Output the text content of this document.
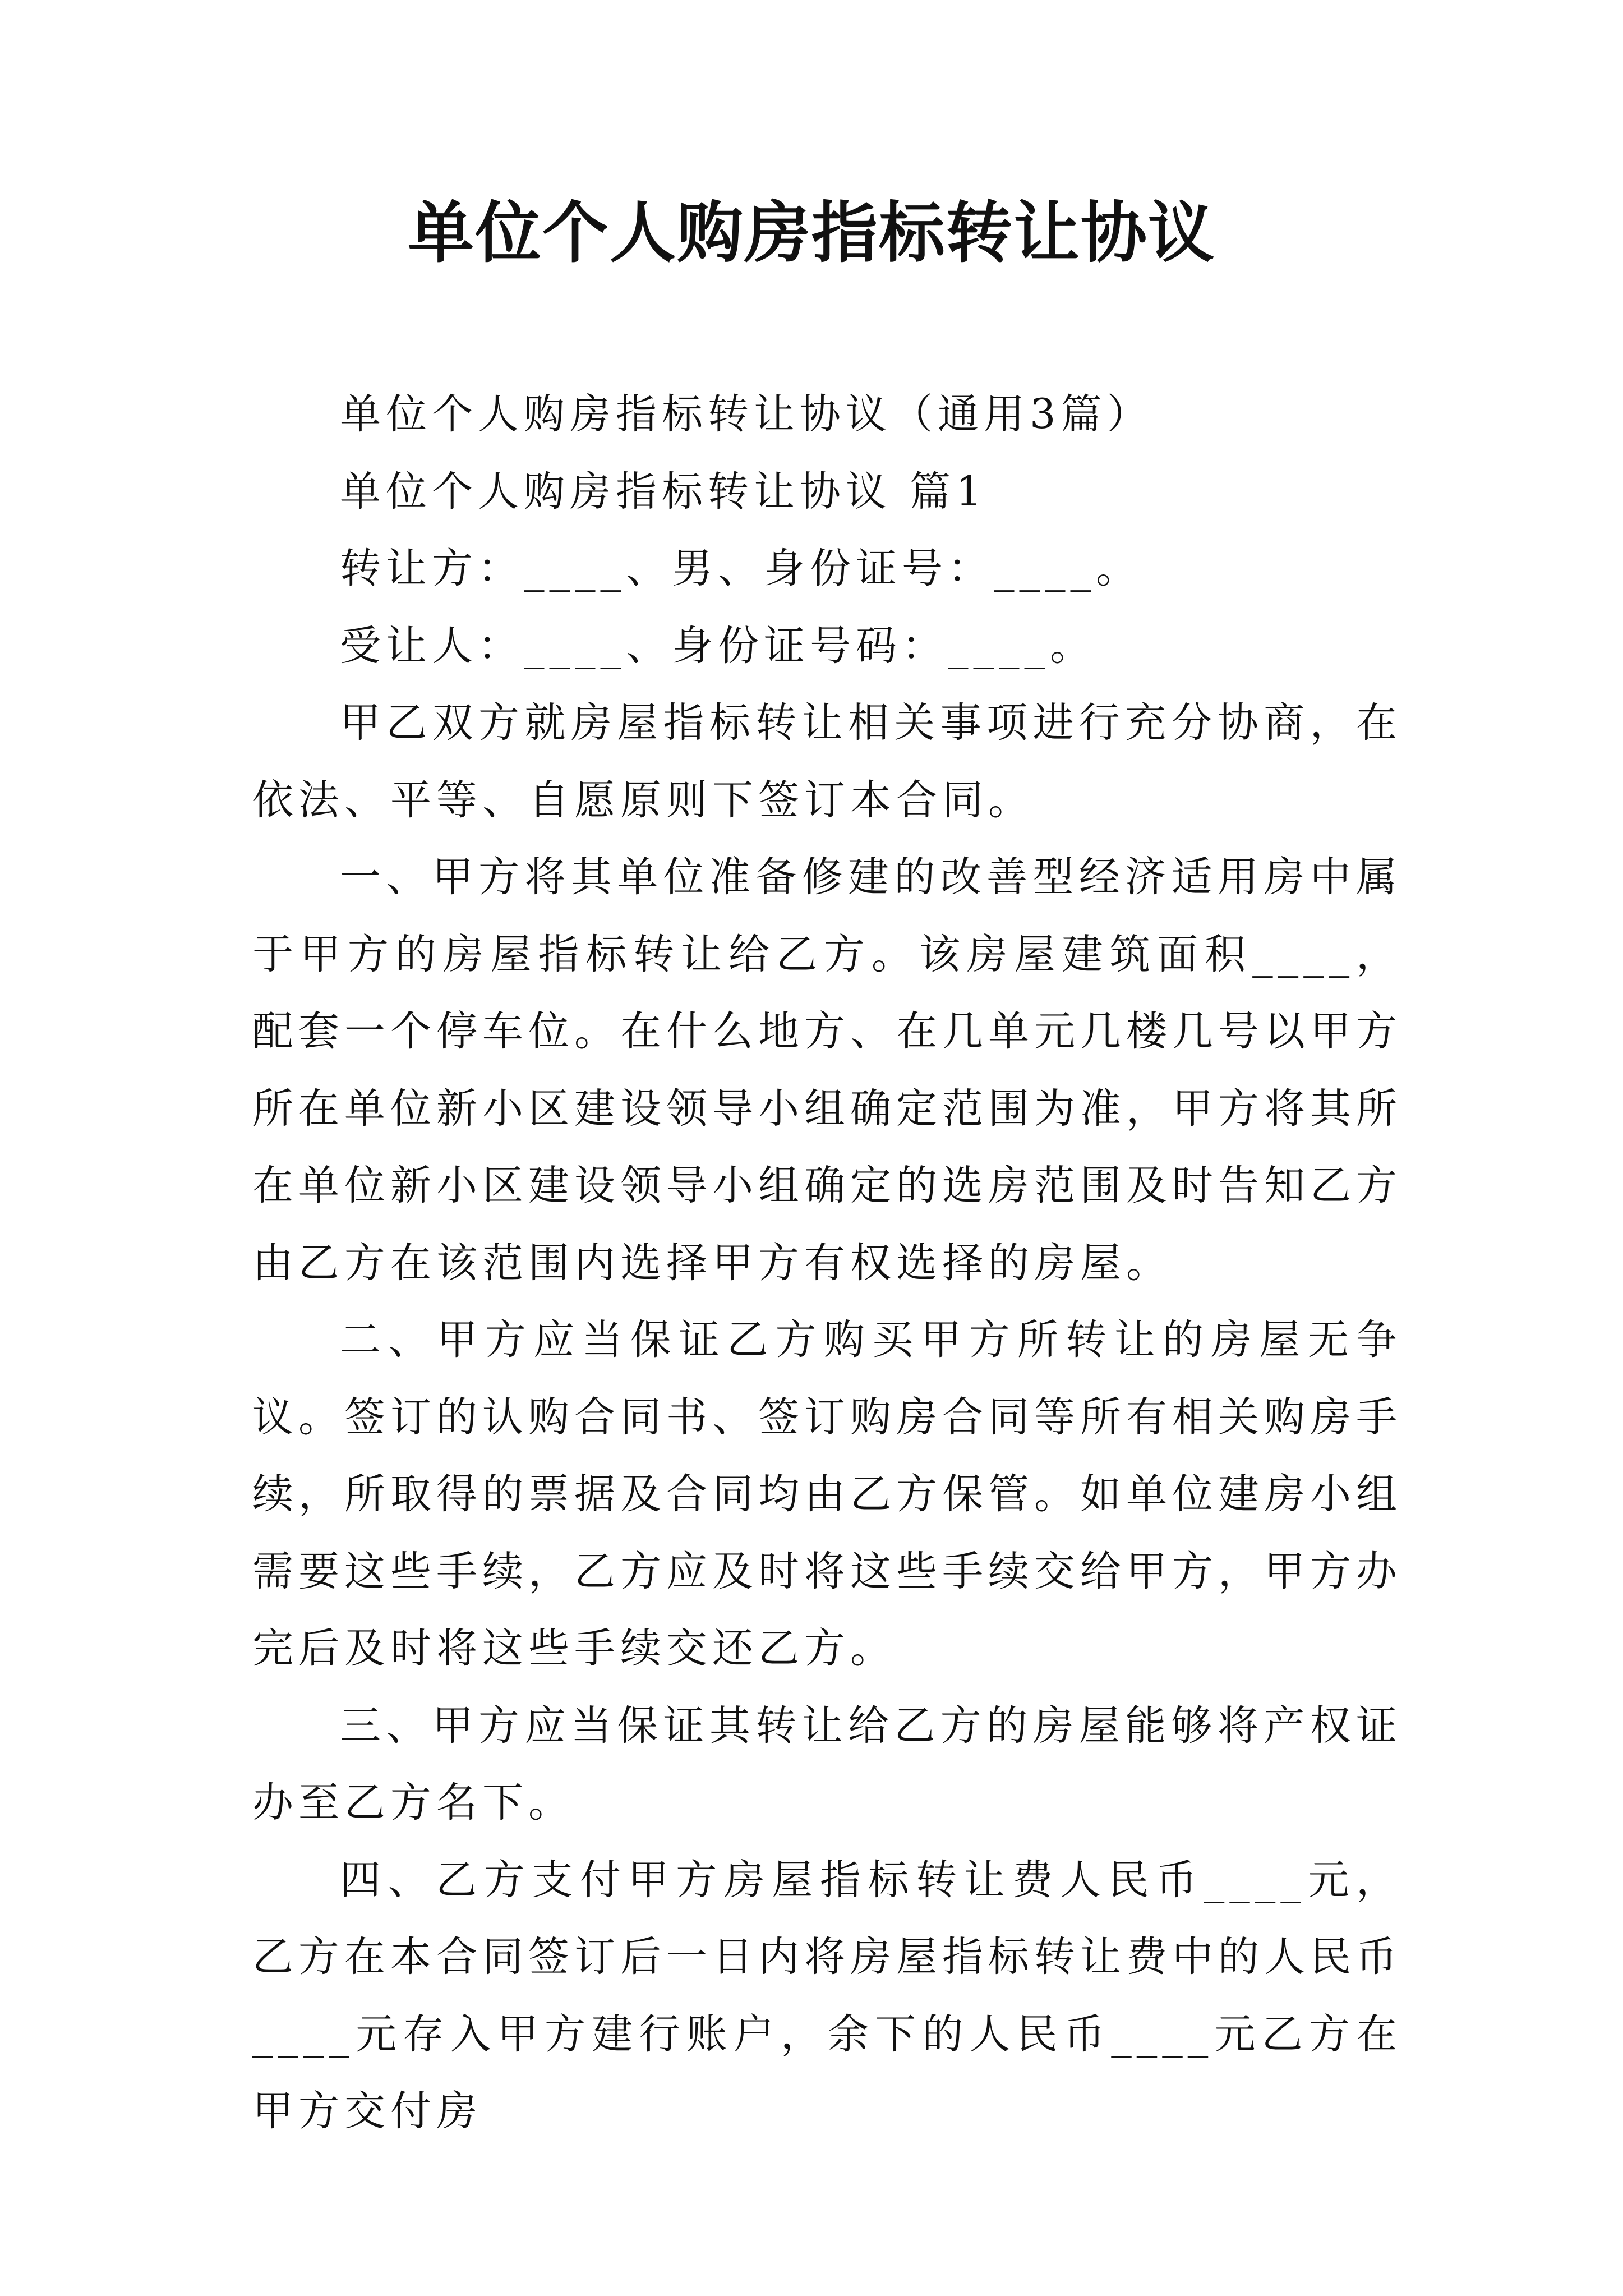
单位个人购房指标转让协议

单位个人购房指标转让协议（通用3篇）

单位个人购房指标转让协议 篇1

转让方：____、男、身份证号：____。

受让人：____、身份证号码：____。

甲乙双方就房屋指标转让相关事项进行充分协商，在依法、平等、自愿原则下签订本合同。

一、甲方将其单位准备修建的改善型经济适用房中属于甲方的房屋指标转让给乙方。该房屋建筑面积____，配套一个停车位。在什么地方、在几单元几楼几号以甲方所在单位新小区建设领导小组确定范围为准，甲方将其所在单位新小区建设领导小组确定的选房范围及时告知乙方由乙方在该范围内选择甲方有权选择的房屋。

二、甲方应当保证乙方购买甲方所转让的房屋无争议。签订的认购合同书、签订购房合同等所有相关购房手续，所取得的票据及合同均由乙方保管。如单位建房小组需要这些手续，乙方应及时将这些手续交给甲方，甲方办完后及时将这些手续交还乙方。

三、甲方应当保证其转让给乙方的房屋能够将产权证办至乙方名下。

四、乙方支付甲方房屋指标转让费人民币____元，乙方在本合同签订后一日内将房屋指标转让费中的人民币____元存入甲方建行账户，余下的人民币____元乙方在甲方交付房
